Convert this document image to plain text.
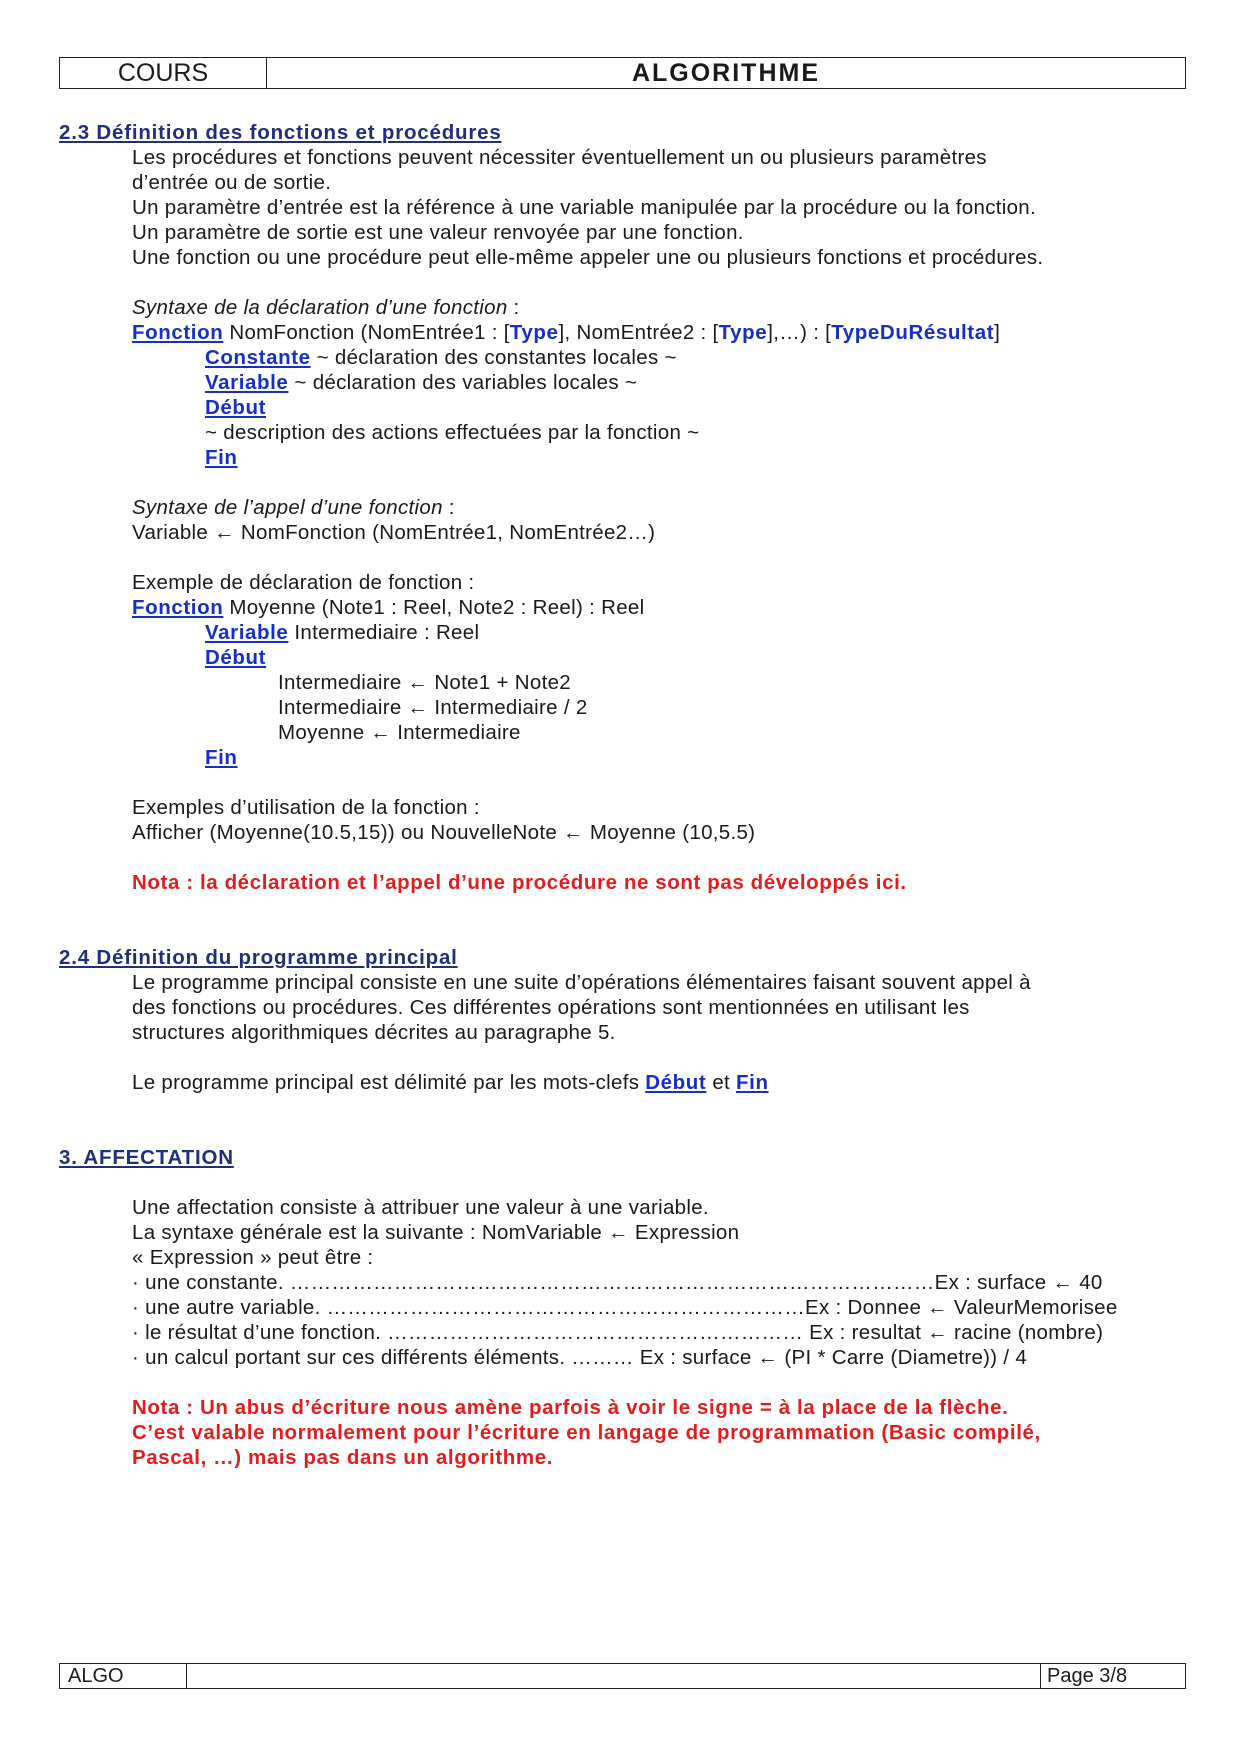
COURS	ALGORITHME
2.3 Définition des fonctions et procédures
Les procédures et fonctions peuvent nécessiter éventuellement un ou plusieurs paramètres
d’entrée ou de sortie.
Un paramètre d’entrée est la référence à une variable manipulée par la procédure ou la fonction.
Un paramètre de sortie est une valeur renvoyée par une fonction.
Une fonction ou une procédure peut elle-même appeler une ou plusieurs fonctions et procédures.
Syntaxe de la déclaration d’une fonction :
Fonction NomFonction (NomEntrée1 : [Type], NomEntrée2 : [Type],…) : [TypeDuRésultat]
Constante ~ déclaration des constantes locales ~
Variable ~ déclaration des variables locales ~
Début
~ description des actions effectuées par la fonction ~
Fin
Syntaxe de l’appel d’une fonction :
Variable ← NomFonction (NomEntrée1, NomEntrée2…)
Exemple de déclaration de fonction :
Fonction Moyenne (Note1 : Reel, Note2 : Reel) : Reel
Variable Intermediaire : Reel
Début
Intermediaire ← Note1 + Note2
Intermediaire ← Intermediaire / 2
Moyenne ← Intermediaire
Fin
Exemples d’utilisation de la fonction :
Afficher (Moyenne(10.5,15)) ou NouvelleNote ← Moyenne (10,5.5)
Nota : la déclaration et l’appel d’une procédure ne sont pas développés ici.
2.4 Définition du programme principal
Le programme principal consiste en une suite d’opérations élémentaires faisant souvent appel à
des fonctions ou procédures. Ces différentes opérations sont mentionnées en utilisant les
structures algorithmiques décrites au paragraphe 5.
Le programme principal est délimité par les mots-clefs Début et Fin
3. AFFECTATION
Une affectation consiste à attribuer une valeur à une variable.
La syntaxe générale est la suivante : NomVariable ← Expression
« Expression » peut être :
· une constante. …………………………………………………………………………………Ex : surface ← 40
· une autre variable. ……………………………………………………………Ex : Donnee ← ValeurMemorisee
· le résultat d’une fonction. …………………………………………………… Ex : resultat ← racine (nombre)
· un calcul portant sur ces différents éléments. ……… Ex : surface ← (PI * Carre (Diametre)) / 4
Nota : Un abus d’écriture nous amène parfois à voir le signe = à la place de la flèche.
C’est valable normalement pour l’écriture en langage de programmation (Basic compilé,
Pascal, …) mais pas dans un algorithme.
ALGO	Page 3/8
